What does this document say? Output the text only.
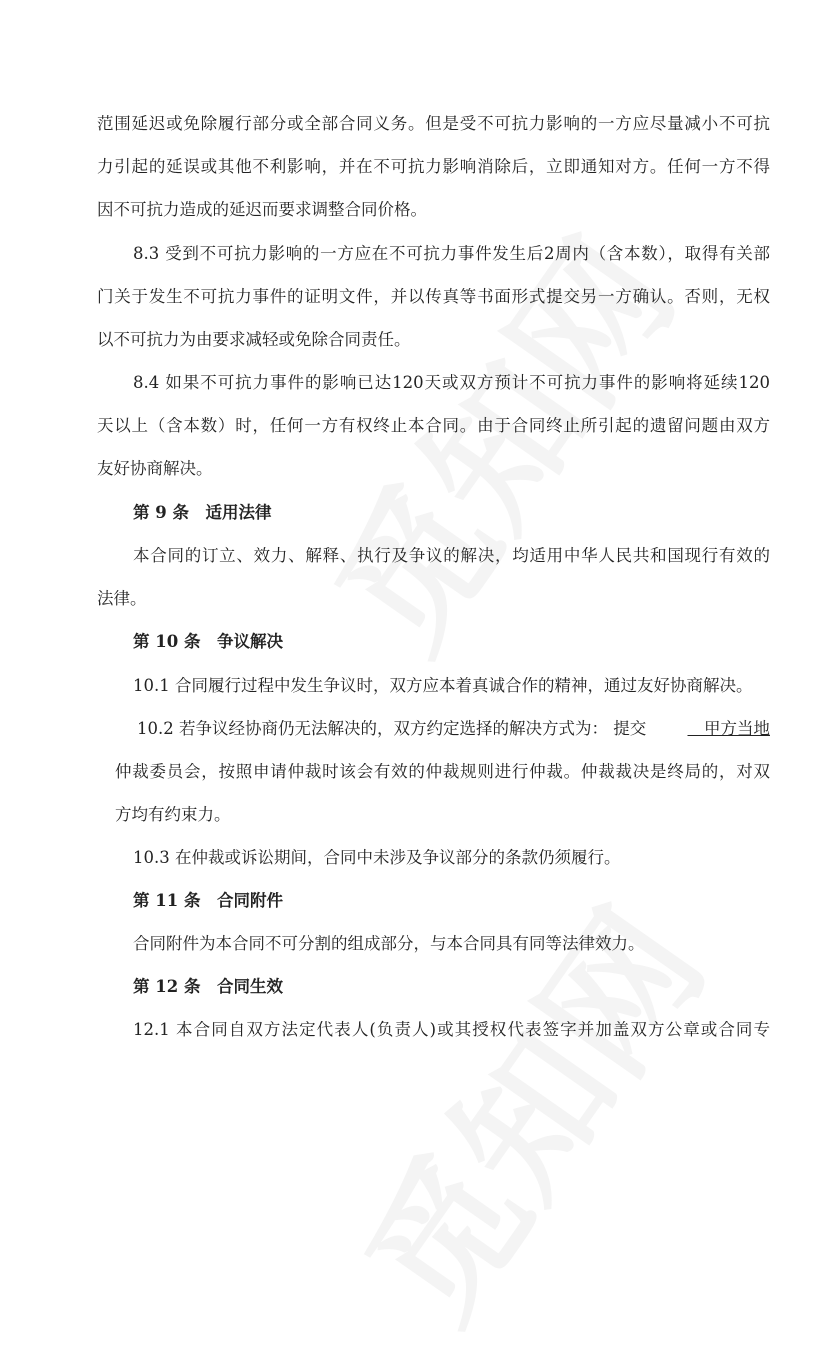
范围延迟或免除履行部分或全部合同义务。但是受不可抗力影响的一方应尽量减小不可抗
力引起的延误或其他不利影响，并在不可抗力影响消除后，立即通知对方。任何一方不得
因不可抗力造成的延迟而要求调整合同价格。
8.3 受到不可抗力影响的一方应在不可抗力事件发生后2周内（含本数），取得有关部
门关于发生不可抗力事件的证明文件，并以传真等书面形式提交另一方确认。否则，无权
以不可抗力为由要求减轻或免除合同责任。
8.4 如果不可抗力事件的影响已达120天或双方预计不可抗力事件的影响将延续120
天以上（含本数）时，任何一方有权终止本合同。由于合同终止所引起的遗留问题由双方
友好协商解决。
第 9 条　适用法律
本合同的订立、效力、解释、执行及争议的解决，均适用中华人民共和国现行有效的
法律。
第 10 条　争议解决
10.1 合同履行过程中发生争议时，双方应本着真诚合作的精神，通过友好协商解决。
10.2 若争议经协商仍无法解决的，双方约定选择的解决方式为： 提交	　甲方当地
仲裁委员会，按照申请仲裁时该会有效的仲裁规则进行仲裁。仲裁裁决是终局的，对双
方均有约束力。
10.3 在仲裁或诉讼期间，合同中未涉及争议部分的条款仍须履行。
第 11 条　合同附件
合同附件为本合同不可分割的组成部分，与本合同具有同等法律效力。
第 12 条　合同生效
12.1 本合同自双方法定代表人(负责人)或其授权代表签字并加盖双方公章或合同专
